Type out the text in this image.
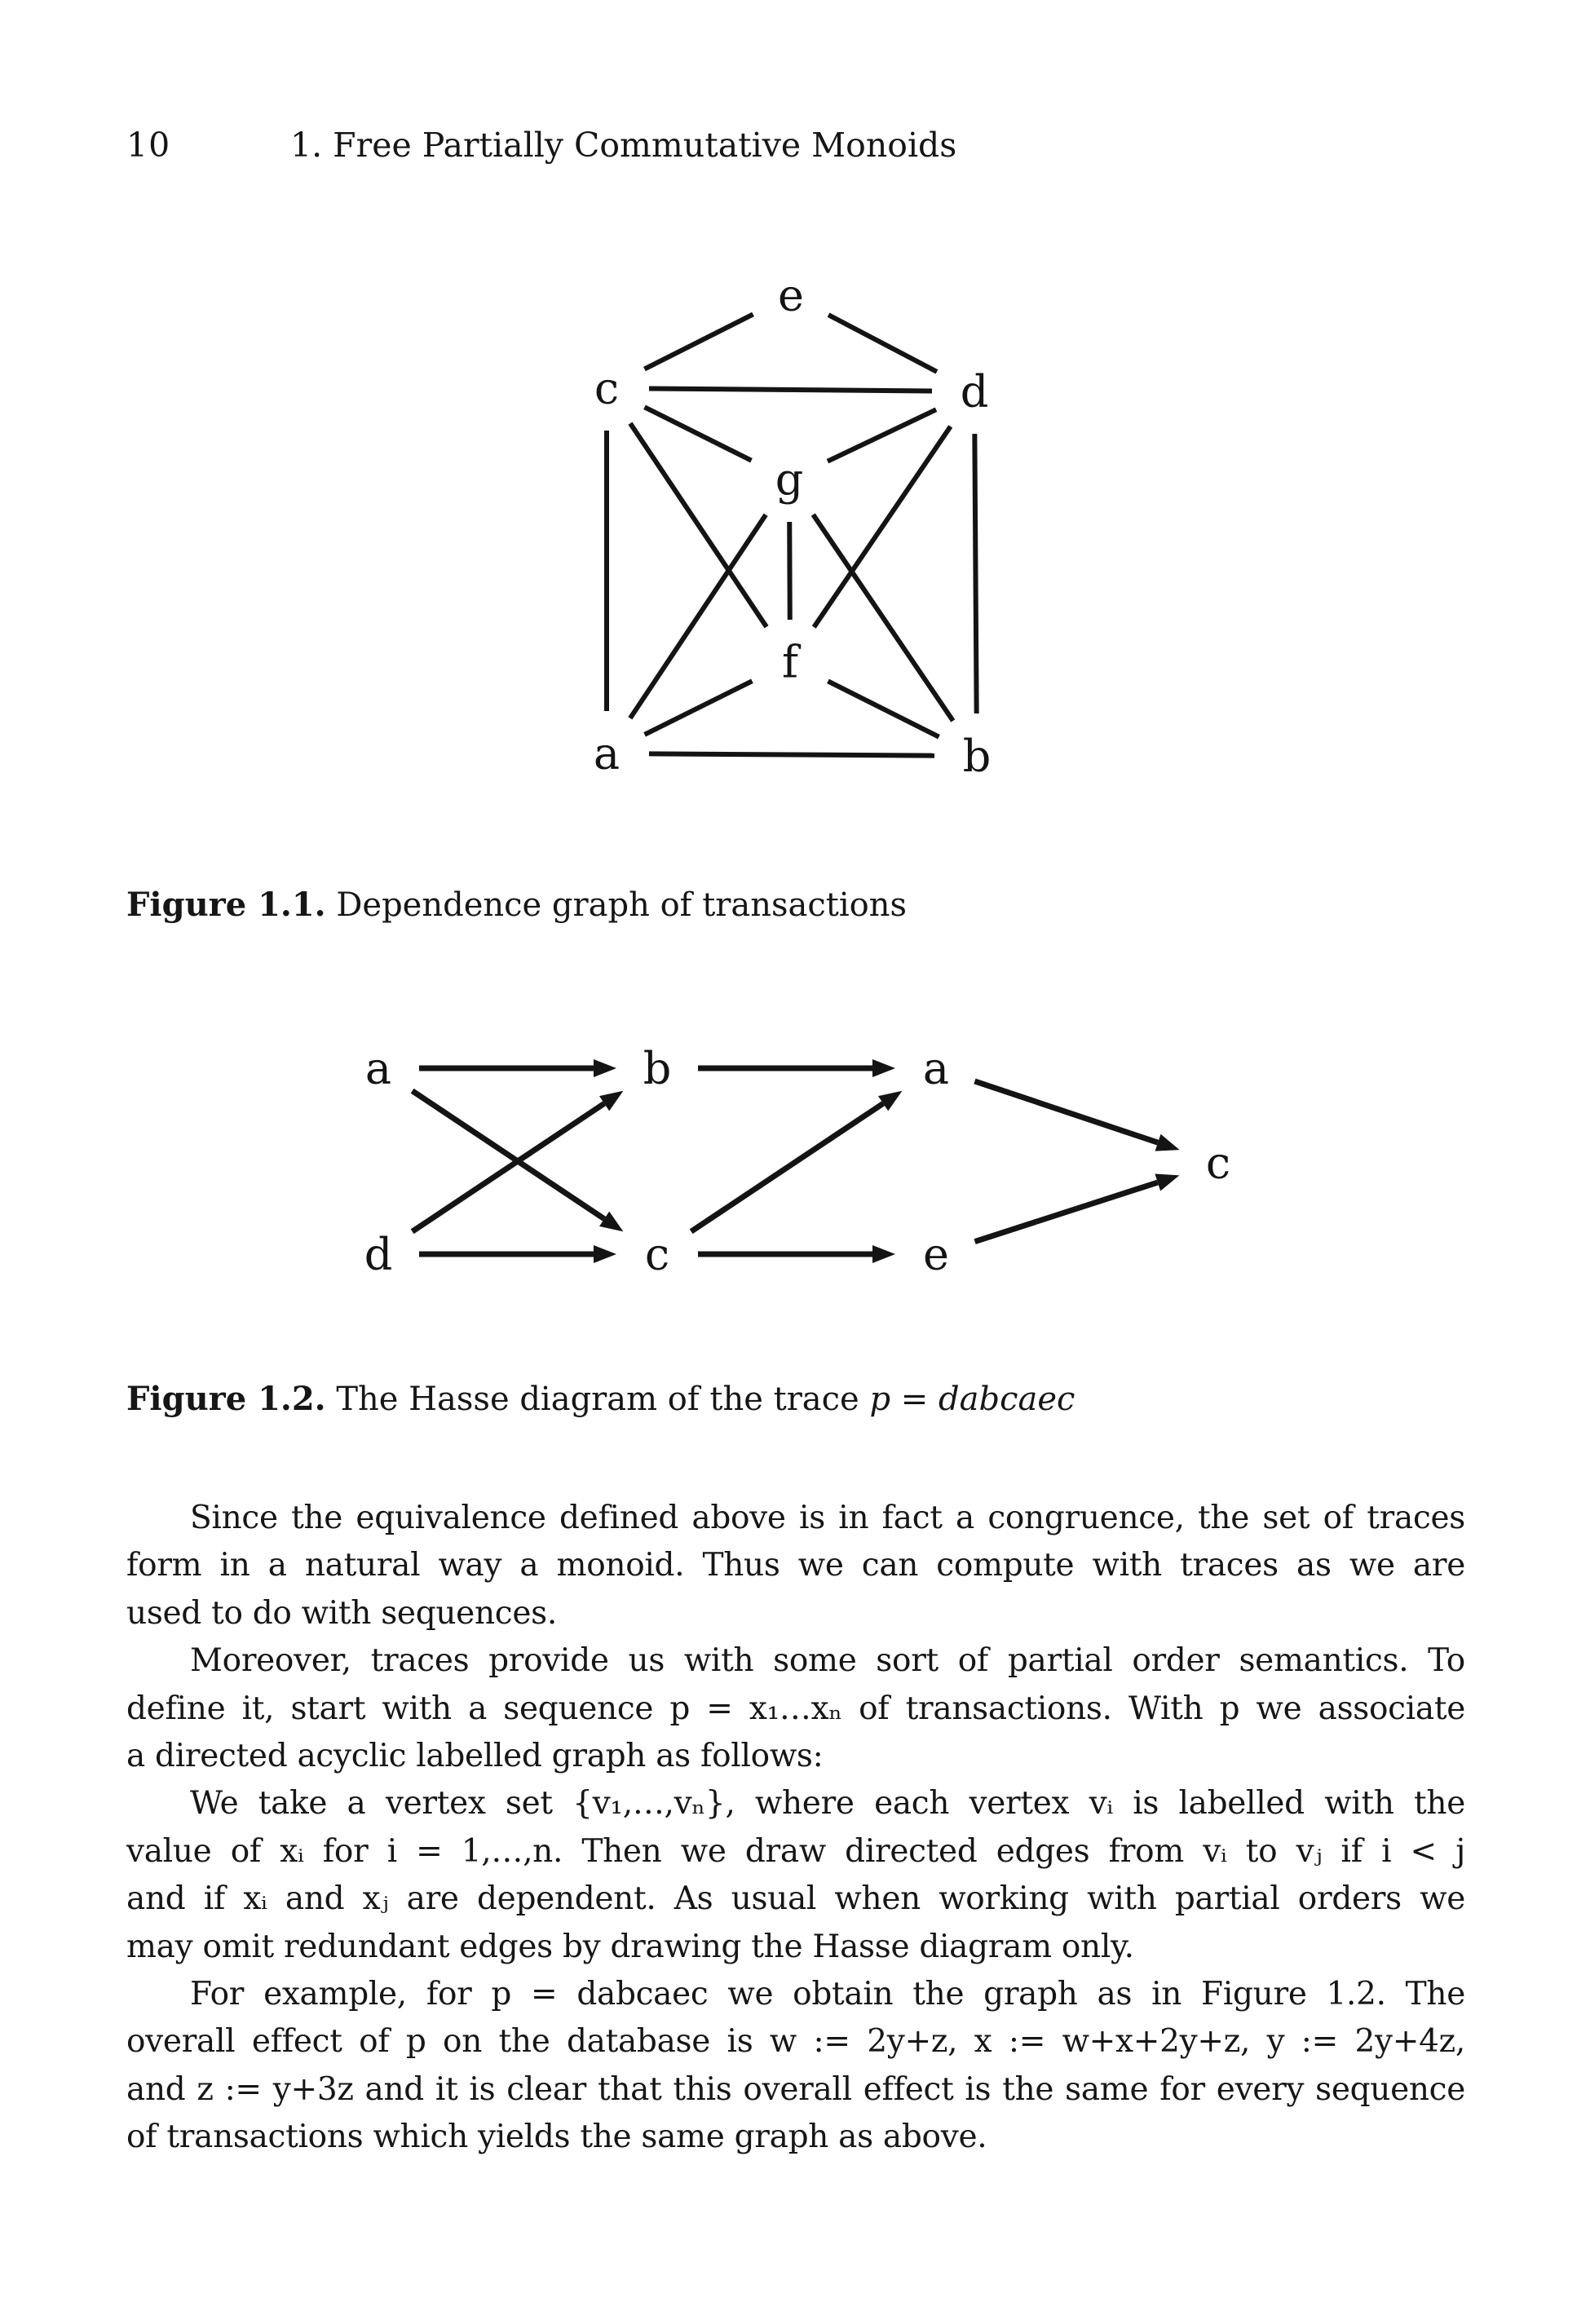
10	1. Free Partially Commutative Monoids
e
c	d
g
f
a	b
Figure 1.1. Dependence graph of transactions
a	b	a
c
d	c	e
Figure 1.2. The Hasse diagram of the trace p = dabcaec
Since the equivalence defined above is in fact a congruence, the set of traces
form in a natural way a monoid. Thus we can compute with traces as we are
used to do with sequences.
Moreover, traces provide us with some sort of partial order semantics. To
define it, start with a sequence p = x₁…xₙ of transactions. With p we associate
a directed acyclic labelled graph as follows:
We take a vertex set {v₁,…,vₙ}, where each vertex vᵢ is labelled with the
value of xᵢ for i = 1,…,n. Then we draw directed edges from vᵢ to vⱼ if i < j
and if xᵢ and xⱼ are dependent. As usual when working with partial orders we
may omit redundant edges by drawing the Hasse diagram only.
For example, for p = dabcaec we obtain the graph as in Figure 1.2. The
overall effect of p on the database is w := 2y+z, x := w+x+2y+z, y := 2y+4z,
and z := y+3z and it is clear that this overall effect is the same for every sequence
of transactions which yields the same graph as above.
